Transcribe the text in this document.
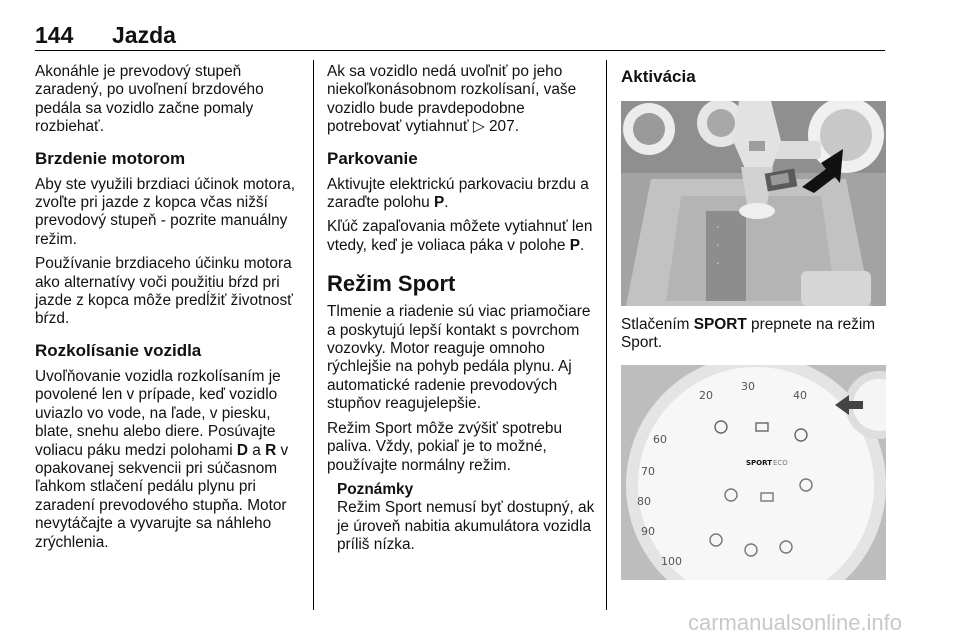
144 Jazda

Akonáhle je prevodový stupeň zaradený, po uvoľnení brzdového pedála sa vozidlo začne pomaly rozbiehať.

Brzdenie motorom

Aby ste využili brzdiaci účinok motora, zvoľte pri jazde z kopca včas nižší prevodový stupeň - pozrite manuálny režim.

Používanie brzdiaceho účinku motora ako alternatívy voči použitiu bŕzd pri jazde z kopca môže predĺžiť životnosť bŕzd.

Rozkolísanie vozidla

Uvoľňovanie vozidla rozkolísaním je povolené len v prípade, keď vozidlo uviazlo vo vode, na ľade, v piesku, blate, snehu alebo diere. Posúvajte voliacu páku medzi polohami D a R v opakovanej sekvencii pri súčasnom ľahkom stlačení pedálu plynu pri zaradení prevodového stupňa. Motor nevytáčajte a vyvarujte sa náhleho zrýchlenia.

Ak sa vozidlo nedá uvoľniť po jeho niekoľkonásobnom rozkolísaní, vaše vozidlo bude pravdepodobne potrebovať vytiahnuť ▷ 207.

Parkovanie

Aktivujte elektrickú parkovaciu brzdu a zaraďte polohu P.

Kľúč zapaľovania môžete vytiahnuť len vtedy, keď je voliaca páka v polohe P.

Režim Sport

Tlmenie a riadenie sú viac priamočiare a poskytujú lepší kontakt s povrchom vozovky. Motor reaguje omnoho rýchlejšie na pohyb pedála plynu. Aj automatické radenie prevodových stupňov reagujelepšie.

Režim Sport môže zvýšiť spotrebu paliva. Vždy, pokiaľ je to možné, používajte normálny režim.

Poznámky

Režim Sport nemusí byť dostupný, ak je úroveň nabitia akumulátora vozidla príliš nízka.

Aktivácia
·
·
·

Stlačením SPORT prepnete na režim Sport.

20
30
40
60
70
80
90
100
SPORT ECO
carmanualsonline.info
